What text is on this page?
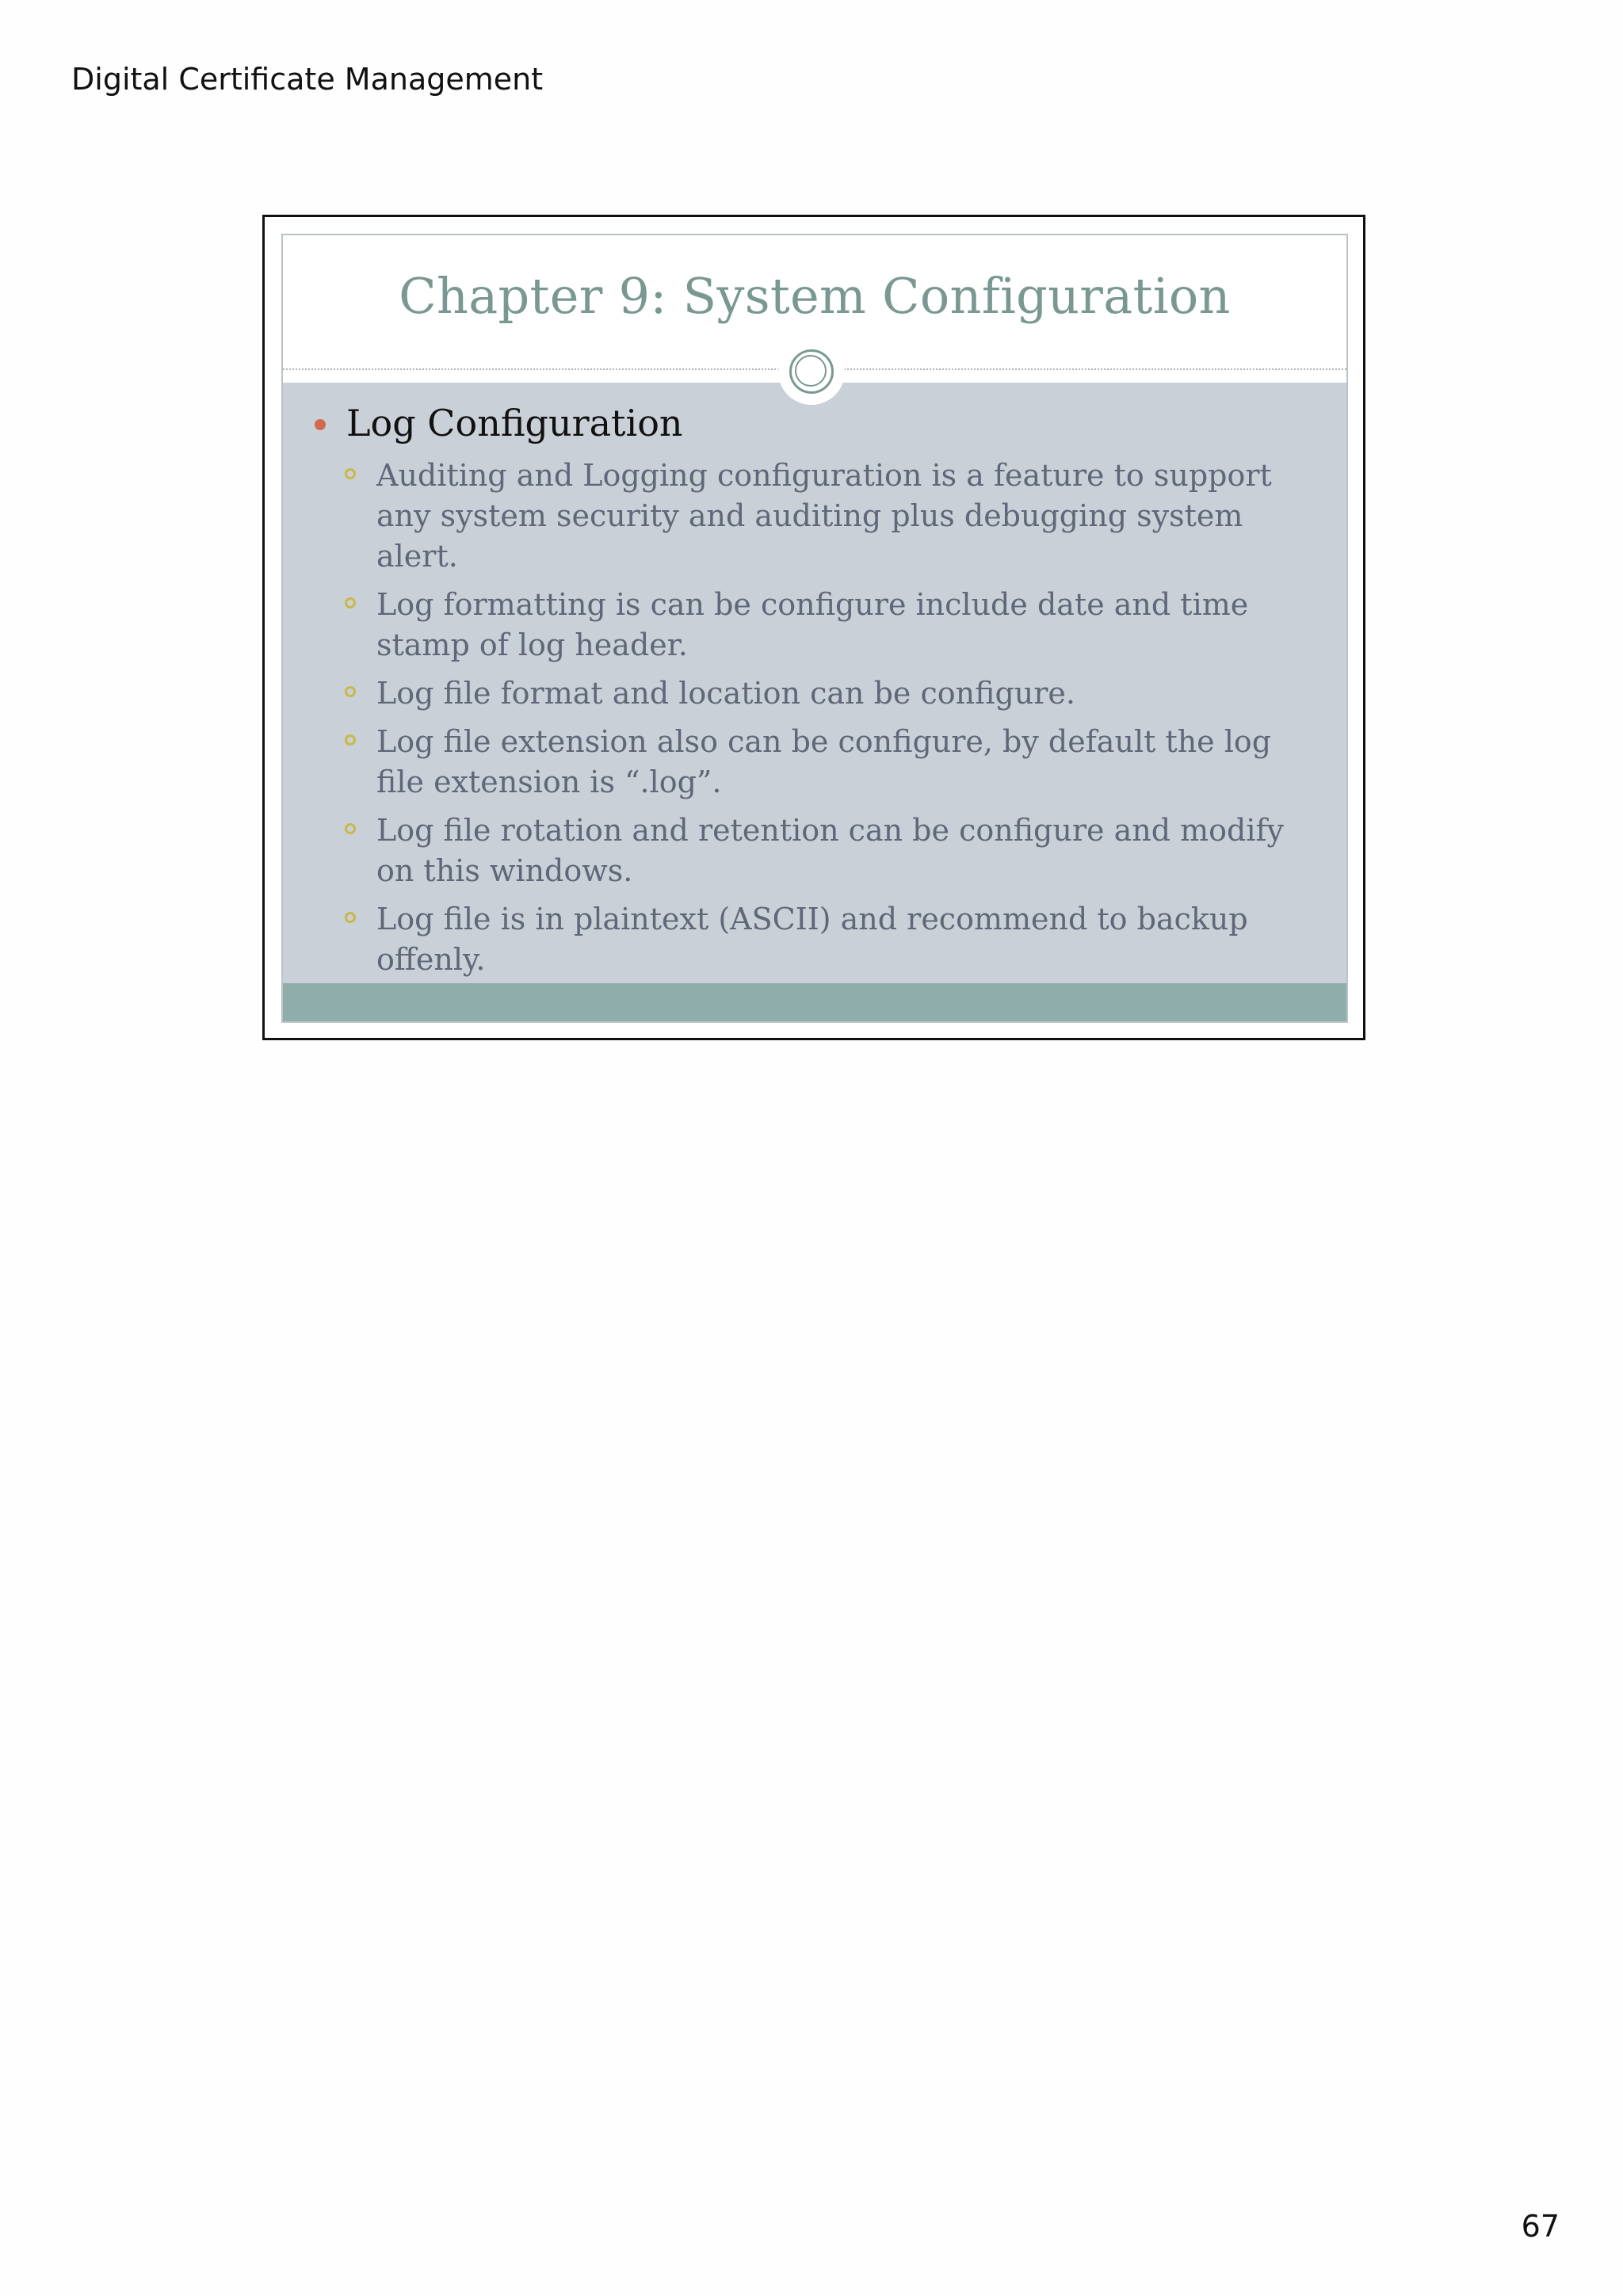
Digital Certificate Management
Chapter 9: System Configuration
Log Configuration
Auditing and Logging configuration is a feature to support any system security and auditing plus debugging system alert.
Log formatting is can be configure include date and time stamp of log header.
Log file format and location can be configure.
Log file extension also can be configure, by default the log file extension is “.log”.
Log file rotation and retention can be configure and modify on this windows.
Log file is in plaintext (ASCII) and recommend to backup offenly.
67
